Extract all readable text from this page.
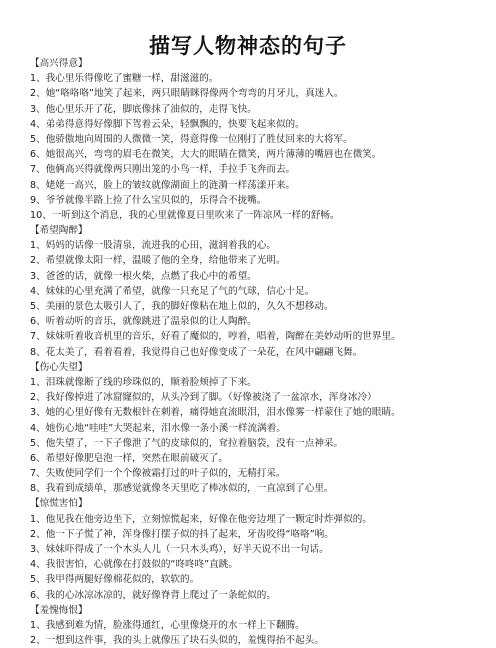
描写人物神态的句子
【高兴得意】
1、我心里乐得像吃了蜜糖一样，甜滋滋的。
2、她“咯咯咯”地笑了起来，两只眼睛眯得像两个弯弯的月牙儿，真迷人。
3、他心里乐开了花，脚底像抹了油似的，走得飞快。
4、弟弟得意得好像脚下驾着云朵，轻飘飘的，快要飞起来似的。
5、他骄傲地向周围的人微微一笑，得意得像一位刚打了胜仗回来的大将军。
6、她很高兴，弯弯的眉毛在微笑，大大的眼睛在微笑，两片薄薄的嘴唇也在微笑。
7、他俩高兴得就像两只刚出笼的小鸟一样，手拉手飞奔而去。
8、姥姥一高兴，脸上的皱纹就像湖面上的涟漪一样荡漾开来。
9、爷爷就像半路上捡了什么宝贝似的，乐得合不拢嘴。
10、一听到这个消息，我的心里就像夏日里吹来了一阵凉风一样的舒畅。
【希望陶醉】
1、妈妈的话像一股清泉，流进我的心田，滋润着我的心。
2、希望就像太阳一样，温暖了他的全身，给他带来了光明。
3、爸爸的话，就像一根火柴，点燃了我心中的希望。
4、妹妹的心里充满了希望，就像一只充足了气的气球，信心十足。
5、美丽的景色太吸引人了，我的脚好像粘在地上似的，久久不想移动。
6、听着动听的音乐，就像跳进了温泉似的让人陶醉。
7、妹妹听着收音机里的音乐，好看了魔似的，哼着，唱着，陶醉在美妙动听的世界里。
8、花太美了，看着看着，我觉得自己也好像变成了一朵花，在风中翩翩飞舞。
【伤心失望】
1、泪珠就像断了线的珍珠似的，顺着脸颊掉了下来。
2、我好像掉进了冰窟窿似的，从头冷到了脚。（好像被浇了一盆凉水，浑身冰冷）
3、她的心里好像有无数根针在刺着，痛得她直流眼泪，泪水像雾一样蒙住了她的眼睛。
4、她伤心地“哇哇”大哭起来，泪水像一条小溪一样流满着。
5、他失望了，一下子像泄了气的皮球似的，耷拉着脑袋，没有一点神采。
6、希望好像肥皂泡一样，突然在眼前破灭了。
7、失败使同学们一个个像被霜打过的叶子似的，无精打采。
8、我看到成绩单，那感觉就像冬天里吃了棒冰似的，一直凉到了心里。
【惊慌害怕】
1、他见我在他旁边坐下，立刻惊慌起来，好像在他旁边埋了一颗定时炸弹似的。
2、他一下子慌了神，浑身像打摆子似的抖了起来，牙齿咬得“咯咯”响。
3、妹妹吓得成了一个木头人儿（一只木头鸡），好半天说不出一句话。
4、我很害怕，心就像在打鼓似的“咚咚咚”直跳。
5、我甲得两腿好像棉花似的，软软的。
6、我的心冰凉冰凉的，就好像脊背上爬过了一条蛇似的。
【羞愧悔恨】
1、我感到难为情，脸涨得通红，心里像烧开的水一样上下翻腾。
2、一想到这件事，我的头上就像压了块石头似的，羞愧得抬不起头。
